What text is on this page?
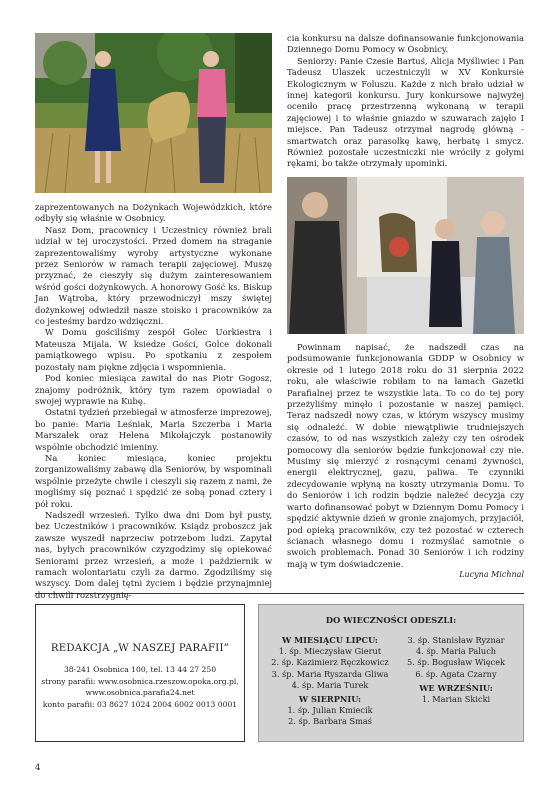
zaprezentowanych na Dożynkach Wojewódzkich, które odbyły się właśnie w Osobnicy.

Nasz Dom, pracownicy i Uczestnicy również brali udział w tej uroczystości. Przed domem na straganie zaprezentowaliśmy wyroby artystyczne wykonane przez Seniorów w ramach terapii zajęciowej. Muszę przyznać, że cieszyły się dużym zainteresowaniem wśród gości dożynkowych. A honorowy Gość ks. Biskup Jan Wątroba, który przewodniczył mszy świętej dożynkowej odwiedził nasze stoisko i pracowników za co jesteśmy bardzo wdzięczni.

W Domu gościliśmy zespół Golec Uorkiestra i Mateusza Mijala. W ksiedze Gości, Golce dokonali pamiątkowego wpisu. Po spotkaniu z zespołem pozostały nam piękne zdjęcia i wspomnienia.

Pod koniec miesiąca zawitał do nas Piotr Gogosz, znajomy podróżnik, który tym razem opowiadał o swojej wyprawie na Kubę.

Ostatni tydzień przebiegał w atmosferze imprezowej, bo panie: Maria Leśniak, Maria Szczerba i Maria Marszałek oraz Helena Mikołajczyk postanowiły wspólnie obchodzić imieniny.

Na koniec miesiąca, koniec projektu zorganizowaliśmy zabawę dla Seniorów, by wspominali wspólnie przeżyte chwile i cieszyli się razem z nami, że mogliśmy się poznać i spędzić ze sobą ponad cztery i pół roku.

Nadszedł wrzesień. Tylko dwa dni Dom był pusty, bez Uczestników i pracowników. Ksiądz proboszcz jak zawsze wyszedł naprzeciw potrzebom ludzi. Zapytał nas, byłych pracowników czyzgodzimy się opiekować Seniorami przez wrzesień, a może i październik w ramach wolontariatu czyli za darmo. Zgodziliśmy się wszyscy. Dom dalej tętni życiem i będzie przynajmniej do chwili rozstrzygnię-

cia konkursu na dalsze dofinansowanie funkcjonowania Dziennego Domu Pomocy w Osobnicy.

Seniorzy: Panie Czesie Bartuś, Alicja Myśliwiec i Pan Tadeusz Ulaszek uczestniczyli w XV Konkursie Ekologicznym w Foluszu. Każde z nich brało udział w innej kategorii konkursu. Jury konkursowe najwyżej oceniło pracę przestrzenną wykonaną w terapii zajęciowej i to właśnie gniazdo w szuwarach zajęło I miejsce. Pan Tadeusz otrzymał nagrodę główną - smartwatch oraz parasolkę kawę, herbatę i smycz. Również pozostałe uczestniczki nie wróciły z gołymi rękami, bo także otrzymały upominki.

Powinnam napisać, że nadszedł czas na podsumowanie funkcjonowania GDDP w Osobnicy w okresie od 1 lutego 2018 roku do 31 sierpnia 2022 roku, ale właściwie robiłam to na łamach Gazetki Parafialnej przez te wszystkie lata. To co do tej pory przeżyliśmy minęło i pozostanie w naszej pamięci. Teraz nadszedł nowy czas, w którym wszyscy musimy się odnaleźć. W dobie niewątpliwie trudniejszych czasów, to od nas wszystkich zależy czy ten ośrodek pomocowy dla seniorów będzie funkcjonował czy nie. Musimy się mierzyć z rosnącymi cenami żywności, energii elektrycznej, gazu, paliwa. Te czynniki zdecydowanie wpłyną na koszty utrzymania Domu. To do Seniorów i ich rodzin będzie należeć decyzja czy warto dofinansować pobyt w Dziennym Domu Pomocy i spędzić aktywnie dzień w gronie znajomych, przyjaciół, pod opieką pracowników, czy też pozostać w czterech ścianach własnego domu i rozmyślać samotnie o swoich problemach. Ponad 30 Seniorów i ich rodziny mają w tym doświadczenie.

Lucyna Michnal
REDAKCJA „W NASZEJ PARAFII”
38-241 Osobnica 100, tel. 13 44 27 250
strony parafii: www.osobnica.rzeszow.opoka.org.pl,
www.osobnica.parafia24.net
konto parafii: 03 8627 1024 2004 6002 0013 0001
DO WIECZNOŚCI ODESZLI:
W MIESIĄCU LIPCU:
1. śp. Mieczysław Gierut
2. śp. Kazimierz Ręczkowicz
3. śp. Maria Ryszarda Gliwa
4. śp. Maria Turek
W SIERPNIU:
1. śp. Julian Kmiecik
2. śp. Barbara Smaś
3. śp. Stanisław Ryznar
4. śp. Maria Paluch
5. śp. Bogusław Więcek
6. śp. Agata Czarny
WE WRZEŚNIU:
1. Marian Skicki
4
